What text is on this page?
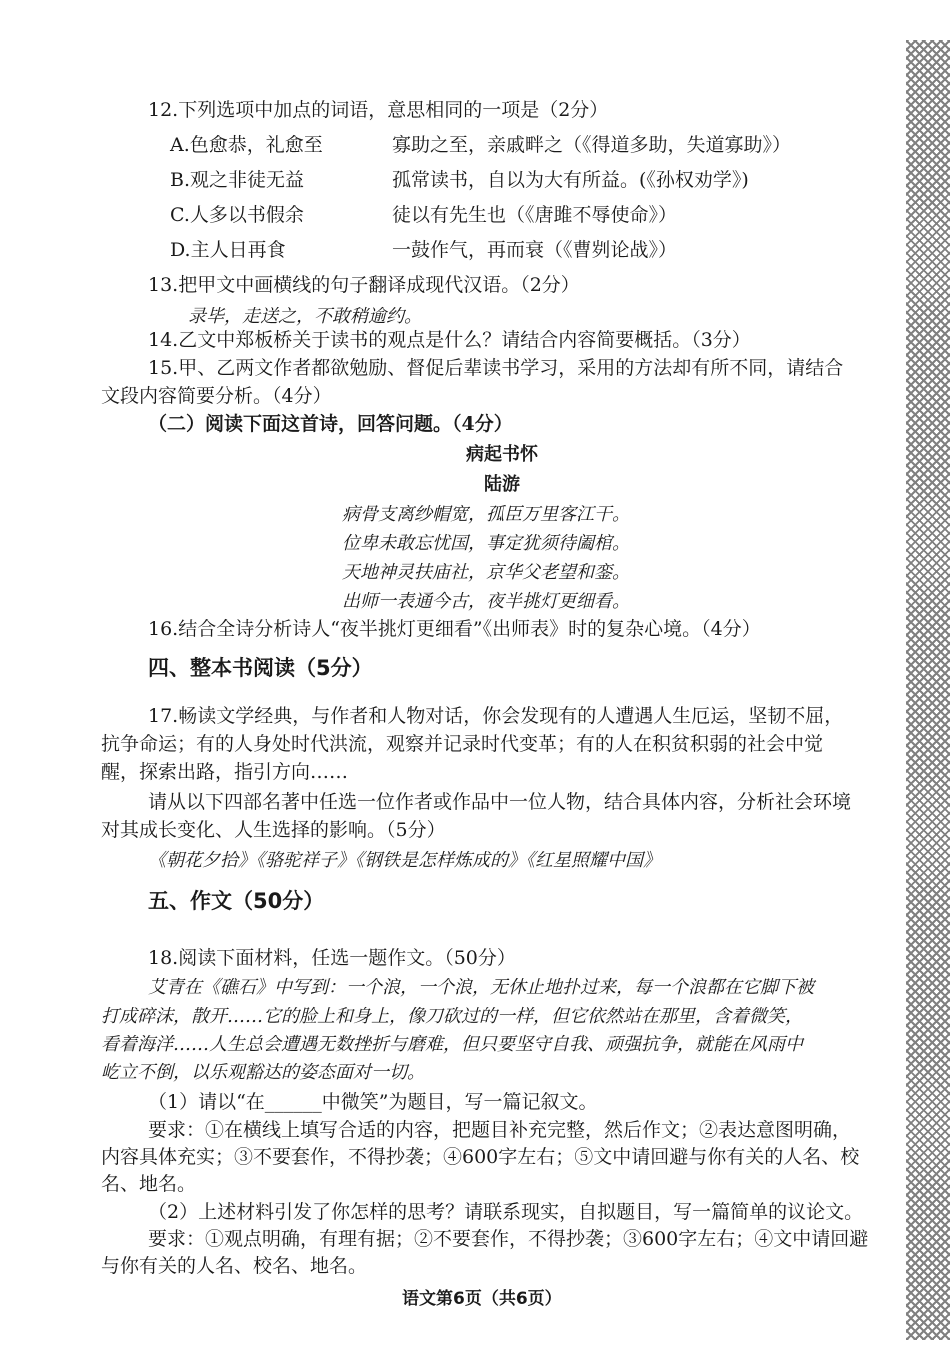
12.下列选项中加点的词语，意思相同的一项是（2分）
A.色愈恭，礼愈至	寡助之至，亲戚畔之（《得道多助，失道寡助》）
B.观之非徒无益	孤常读书，自以为大有所益。(《孙权劝学》)
C.人多以书假余	徒以有先生也（《唐雎不辱使命》）
D.主人日再食	一鼓作气，再而衰（《曹刿论战》）
13.把甲文中画横线的句子翻译成现代汉语。（2分）
录毕，走送之，不敢稍逾约。
14.乙文中郑板桥关于读书的观点是什么？请结合内容简要概括。（3分）
15.甲、乙两文作者都欲勉励、督促后辈读书学习，采用的方法却有所不同，请结合
文段内容简要分析。（4分）
（二）阅读下面这首诗，回答问题。（4分）
病起书怀
陆游
病骨支离纱帽宽，孤臣万里客江干。
位卑未敢忘忧国，事定犹须待阖棺。
天地神灵扶庙社，京华父老望和銮。
出师一表通今古，夜半挑灯更细看。
16.结合全诗分析诗人“夜半挑灯更细看”《出师表》时的复杂心境。（4分）
四、整本书阅读（5分）
17.畅读文学经典，与作者和人物对话，你会发现有的人遭遇人生厄运，坚韧不屈，
抗争命运；有的人身处时代洪流，观察并记录时代变革；有的人在积贫积弱的社会中觉
醒，探索出路，指引方向……
请从以下四部名著中任选一位作者或作品中一位人物，结合具体内容，分析社会环境
对其成长变化、人生选择的影响。（5分）
《朝花夕拾》《骆驼祥子》《钢铁是怎样炼成的》《红星照耀中国》
五、作文（50分）
18.阅读下面材料，任选一题作文。（50分）
艾青在《礁石》中写到：一个浪，一个浪，无休止地扑过来，每一个浪都在它脚下被
打成碎沫，散开……它的脸上和身上，像刀砍过的一样，但它依然站在那里，含着微笑，
看着海洋……人生总会遭遇无数挫折与磨难，但只要坚守自我、顽强抗争，就能在风雨中
屹立不倒，以乐观豁达的姿态面对一切。
（1）请以“在______中微笑”为题目，写一篇记叙文。
要求：①在横线上填写合适的内容，把题目补充完整，然后作文；②表达意图明确，
内容具体充实；③不要套作，不得抄袭；④600字左右；⑤文中请回避与你有关的人名、校
名、地名。
（2）上述材料引发了你怎样的思考？请联系现实，自拟题目，写一篇简单的议论文。
要求：①观点明确，有理有据；②不要套作，不得抄袭；③600字左右；④文中请回避
与你有关的人名、校名、地名。
语文第6页（共6页）
